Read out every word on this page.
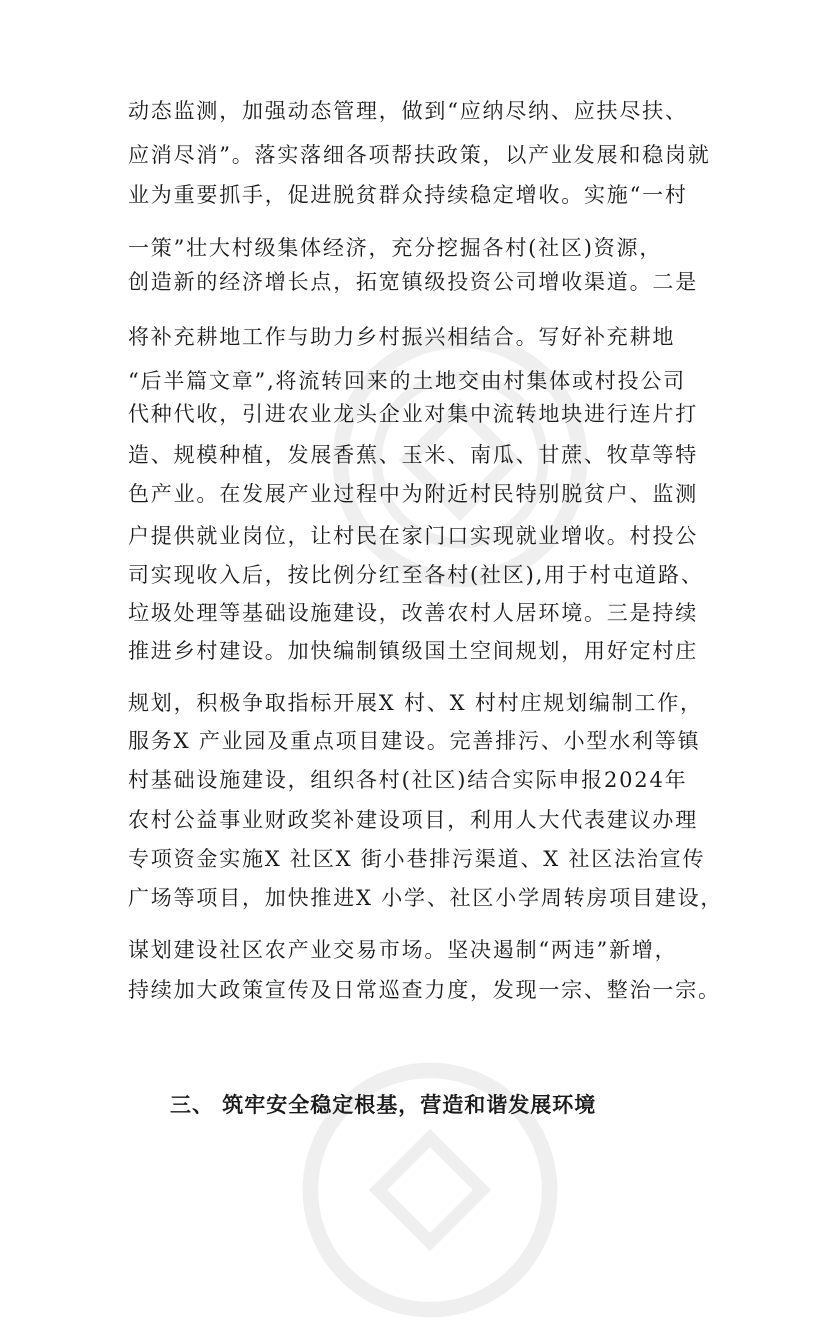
动态监测，加强动态管理，做到“应纳尽纳、应扶尽扶、
应消尽消”。落实落细各项帮扶政策，以产业发展和稳岗就
业为重要抓手，促进脱贫群众持续稳定增收。实施“一村
一策”壮大村级集体经济，充分挖掘各村(社区)资源，
创造新的经济增长点，拓宽镇级投资公司增收渠道。二是
将补充耕地工作与助力乡村振兴相结合。写好补充耕地
“后半篇文章”,将流转回来的土地交由村集体或村投公司
代种代收，引进农业龙头企业对集中流转地块进行连片打
造、规模种植，发展香蕉、玉米、南瓜、甘蔗、牧草等特
色产业。在发展产业过程中为附近村民特别脱贫户、监测
户提供就业岗位，让村民在家门口实现就业增收。村投公
司实现收入后，按比例分红至各村(社区),用于村屯道路、
垃圾处理等基础设施建设，改善农村人居环境。三是持续
推进乡村建设。加快编制镇级国土空间规划，用好定村庄
规划，积极争取指标开展X 村、X 村村庄规划编制工作，
服务X 产业园及重点项目建设。完善排污、小型水利等镇
村基础设施建设，组织各村(社区)结合实际申报2024年
农村公益事业财政奖补建设项目，利用人大代表建议办理
专项资金实施X 社区X 街小巷排污渠道、X 社区法治宣传
广场等项目，加快推进X 小学、社区小学周转房项目建设，
谋划建设社区农产业交易市场。坚决遏制“两违”新增，
持续加大政策宣传及日常巡查力度，发现一宗、整治一宗。
三、 筑牢安全稳定根基，营造和谐发展环境
